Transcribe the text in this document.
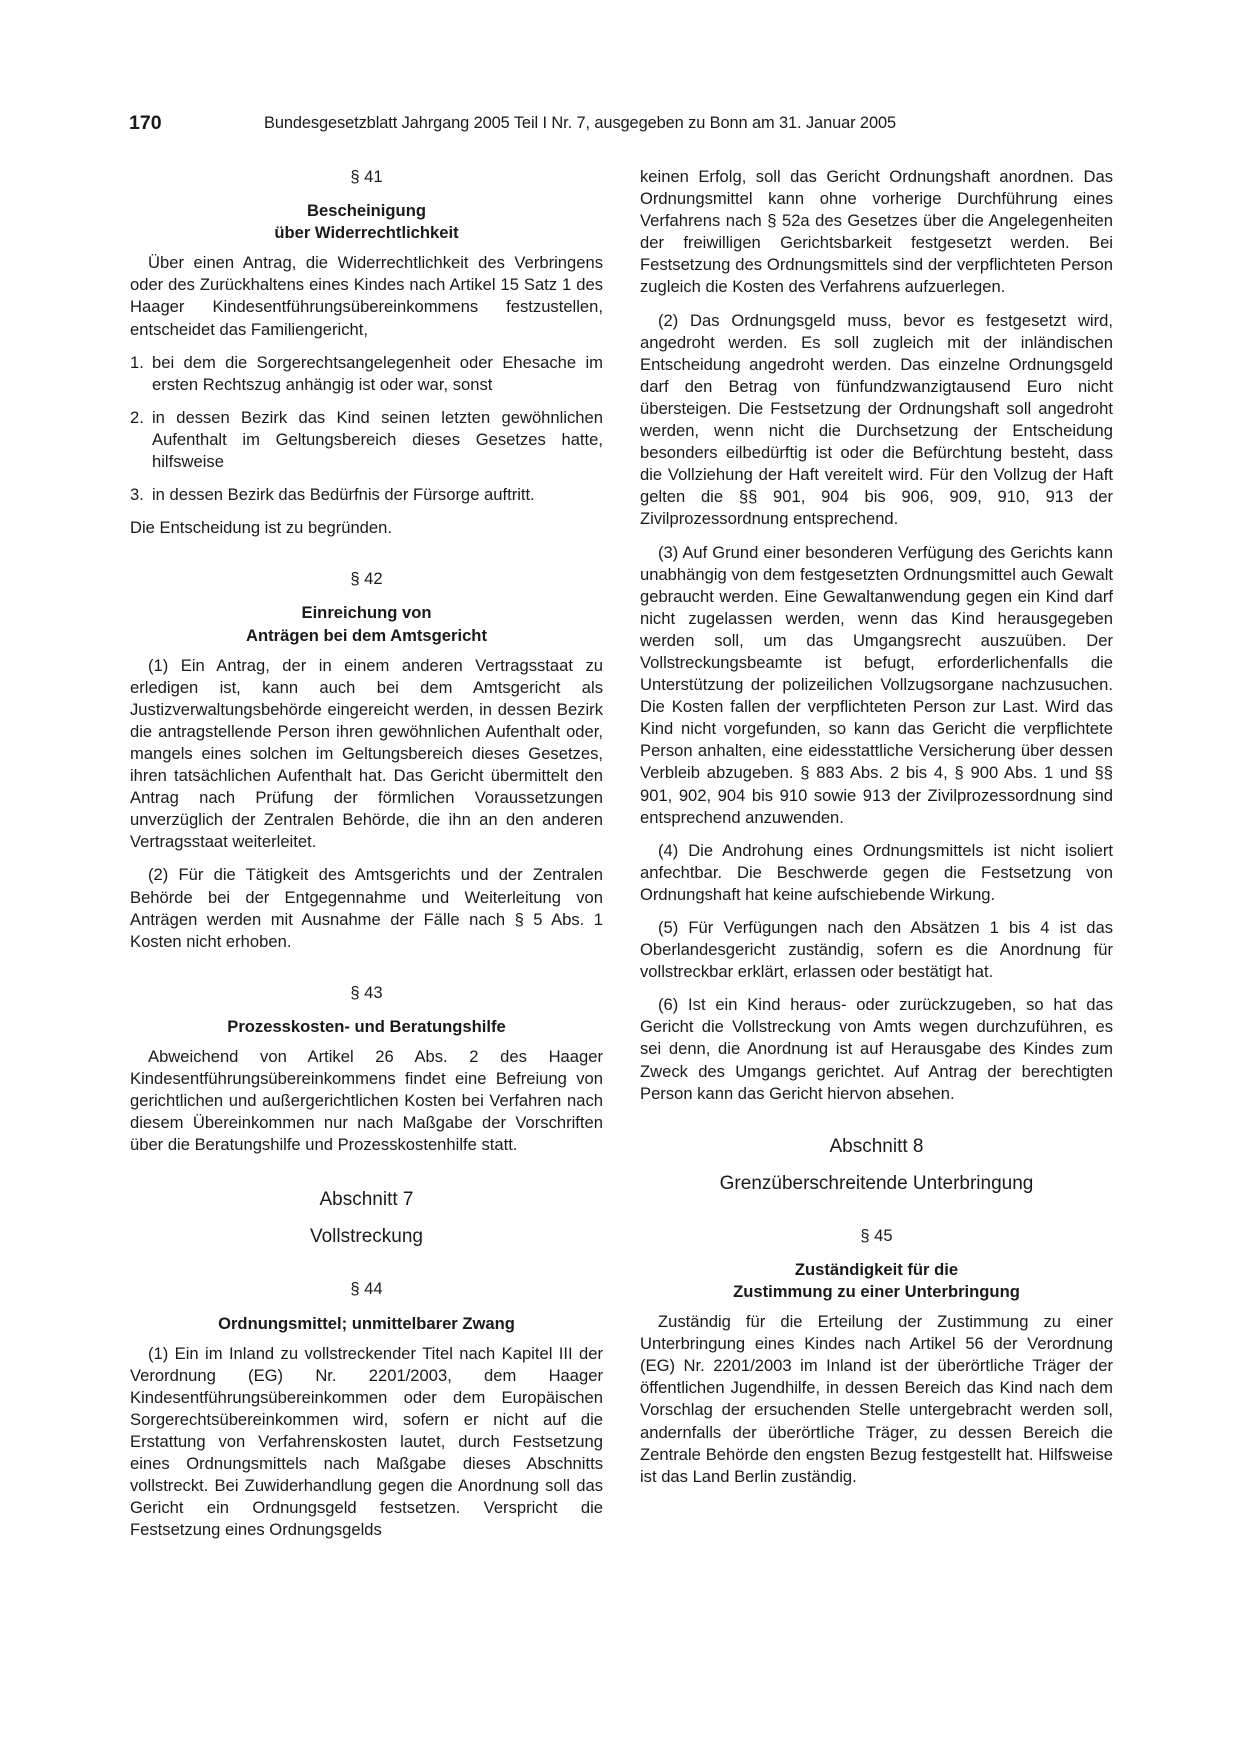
170	Bundesgesetzblatt Jahrgang 2005 Teil I Nr. 7, ausgegeben zu Bonn am 31. Januar 2005
§ 41
Bescheinigung
über Widerrechtlichkeit

Über einen Antrag, die Widerrechtlichkeit des Verbringens oder des Zurückhaltens eines Kindes nach Artikel 15 Satz 1 des Haager Kindesentführungsübereinkommens festzustellen, entscheidet das Familiengericht,

1. bei dem die Sorgerechtsangelegenheit oder Ehesache im ersten Rechtszug anhängig ist oder war, sonst
2. in dessen Bezirk das Kind seinen letzten gewöhnlichen Aufenthalt im Geltungsbereich dieses Gesetzes hatte, hilfsweise
3. in dessen Bezirk das Bedürfnis der Fürsorge auftritt.

Die Entscheidung ist zu begründen.

§ 42
Einreichung von
Anträgen bei dem Amtsgericht

(1) Ein Antrag, der in einem anderen Vertragsstaat zu erledigen ist, kann auch bei dem Amtsgericht als Justizverwaltungsbehörde eingereicht werden, in dessen Bezirk die antragstellende Person ihren gewöhnlichen Aufenthalt oder, mangels eines solchen im Geltungsbereich dieses Gesetzes, ihren tatsächlichen Aufenthalt hat. Das Gericht übermittelt den Antrag nach Prüfung der förmlichen Voraussetzungen unverzüglich der Zentralen Behörde, die ihn an den anderen Vertragsstaat weiterleitet.

(2) Für die Tätigkeit des Amtsgerichts und der Zentralen Behörde bei der Entgegennahme und Weiterleitung von Anträgen werden mit Ausnahme der Fälle nach § 5 Abs. 1 Kosten nicht erhoben.

§ 43
Prozesskosten- und Beratungshilfe

Abweichend von Artikel 26 Abs. 2 des Haager Kindesentführungsübereinkommens findet eine Befreiung von gerichtlichen und außergerichtlichen Kosten bei Verfahren nach diesem Übereinkommen nur nach Maßgabe der Vorschriften über die Beratungshilfe und Prozesskostenhilfe statt.

Abschnitt 7
Vollstreckung
§ 44
Ordnungsmittel; unmittelbarer Zwang

(1) Ein im Inland zu vollstreckender Titel nach Kapitel III der Verordnung (EG) Nr. 2201/2003, dem Haager Kindesentführungsübereinkommen oder dem Europäischen Sorgerechtsübereinkommen wird, sofern er nicht auf die Erstattung von Verfahrenskosten lautet, durch Festsetzung eines Ordnungsmittels nach Maßgabe dieses Abschnitts vollstreckt. Bei Zuwiderhandlung gegen die Anordnung soll das Gericht ein Ordnungsgeld festsetzen. Verspricht die Festsetzung eines Ordnungsgelds

keinen Erfolg, soll das Gericht Ordnungshaft anordnen. Das Ordnungsmittel kann ohne vorherige Durchführung eines Verfahrens nach § 52a des Gesetzes über die Angelegenheiten der freiwilligen Gerichtsbarkeit festgesetzt werden. Bei Festsetzung des Ordnungsmittels sind der verpflichteten Person zugleich die Kosten des Verfahrens aufzuerlegen.

(2) Das Ordnungsgeld muss, bevor es festgesetzt wird, angedroht werden. Es soll zugleich mit der inländischen Entscheidung angedroht werden. Das einzelne Ordnungsgeld darf den Betrag von fünfundzwanzigtausend Euro nicht übersteigen. Die Festsetzung der Ordnungshaft soll angedroht werden, wenn nicht die Durchsetzung der Entscheidung besonders eilbedürftig ist oder die Befürchtung besteht, dass die Vollziehung der Haft vereitelt wird. Für den Vollzug der Haft gelten die §§ 901, 904 bis 906, 909, 910, 913 der Zivilprozessordnung entsprechend.

(3) Auf Grund einer besonderen Verfügung des Gerichts kann unabhängig von dem festgesetzten Ordnungsmittel auch Gewalt gebraucht werden. Eine Gewaltanwendung gegen ein Kind darf nicht zugelassen werden, wenn das Kind herausgegeben werden soll, um das Umgangsrecht auszuüben. Der Vollstreckungsbeamte ist befugt, erforderlichenfalls die Unterstützung der polizeilichen Vollzugsorgane nachzusuchen. Die Kosten fallen der verpflichteten Person zur Last. Wird das Kind nicht vorgefunden, so kann das Gericht die verpflichtete Person anhalten, eine eidesstattliche Versicherung über dessen Verbleib abzugeben. § 883 Abs. 2 bis 4, § 900 Abs. 1 und §§ 901, 902, 904 bis 910 sowie 913 der Zivilprozessordnung sind entsprechend anzuwenden.

(4) Die Androhung eines Ordnungsmittels ist nicht isoliert anfechtbar. Die Beschwerde gegen die Festsetzung von Ordnungshaft hat keine aufschiebende Wirkung.

(5) Für Verfügungen nach den Absätzen 1 bis 4 ist das Oberlandesgericht zuständig, sofern es die Anordnung für vollstreckbar erklärt, erlassen oder bestätigt hat.

(6) Ist ein Kind heraus- oder zurückzugeben, so hat das Gericht die Vollstreckung von Amts wegen durchzuführen, es sei denn, die Anordnung ist auf Herausgabe des Kindes zum Zweck des Umgangs gerichtet. Auf Antrag der berechtigten Person kann das Gericht hiervon absehen.

Abschnitt 8
Grenzüberschreitende Unterbringung
§ 45
Zuständigkeit für die
Zustimmung zu einer Unterbringung

Zuständig für die Erteilung der Zustimmung zu einer Unterbringung eines Kindes nach Artikel 56 der Verordnung (EG) Nr. 2201/2003 im Inland ist der überörtliche Träger der öffentlichen Jugendhilfe, in dessen Bereich das Kind nach dem Vorschlag der ersuchenden Stelle untergebracht werden soll, andernfalls der überörtliche Träger, zu dessen Bereich die Zentrale Behörde den engsten Bezug festgestellt hat. Hilfsweise ist das Land Berlin zuständig.
